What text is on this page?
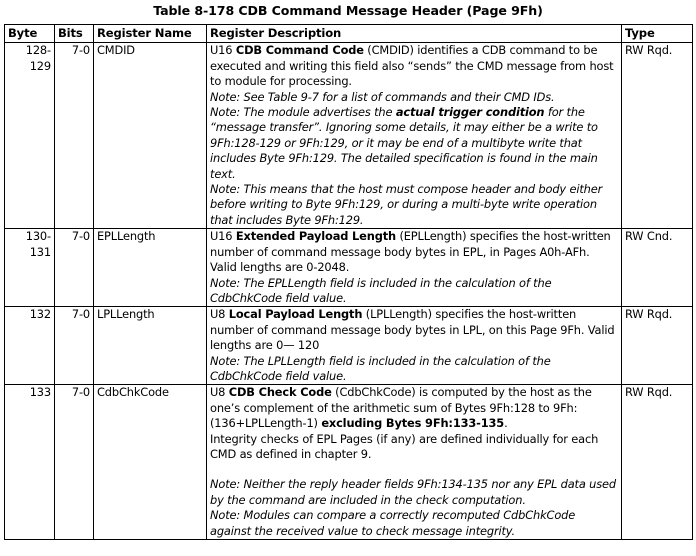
Table 8-178 CDB Command Message Header (Page 9Fh)
Byte	Bits	Register Name	Register Description	Type
128-129	7-0	CMDID	U16 CDB Command Code (CMDID) identifies a CDB command to be executed and writing this field also “sends” the CMD message from host to module for processing.
Note: See Table 9-7 for a list of commands and their CMD IDs.
Note: The module advertises the actual trigger condition for the “message transfer”. Ignoring some details, it may either be a write to 9Fh:128-129 or 9Fh:129, or it may be end of a multibyte write that includes Byte 9Fh:129. The detailed specification is found in the main text.
Note: This means that the host must compose header and body either before writing to Byte 9Fh:129, or during a multi-byte write operation that includes Byte 9Fh:129.	RW Rqd.
130-131	7-0	EPLLength	U16 Extended Payload Length (EPLLength) specifies the host-written number of command message body bytes in EPL, in Pages A0h-AFh. Valid lengths are 0-2048.
Note: The EPLLength field is included in the calculation of the CdbChkCode field value.	RW Cnd.
132	7-0	LPLLength	U8 Local Payload Length (LPLLength) specifies the host-written number of command message body bytes in LPL, on this Page 9Fh. Valid lengths are 0— 120
Note: The LPLLength field is included in the calculation of the CdbChkCode field value.	RW Rqd.
133	7-0	CdbChkCode	U8 CDB Check Code (CdbChkCode) is computed by the host as the one’s complement of the arithmetic sum of Bytes 9Fh:128 to 9Fh:(136+LPLLength-1) excluding Bytes 9Fh:133-135.
Integrity checks of EPL Pages (if any) are defined individually for each CMD as defined in chapter 9.
Note: Neither the reply header fields 9Fh:134-135 nor any EPL data used by the command are included in the check computation.
Note: Modules can compare a correctly recomputed CdbChkCode against the received value to check message integrity.	RW Rqd.
